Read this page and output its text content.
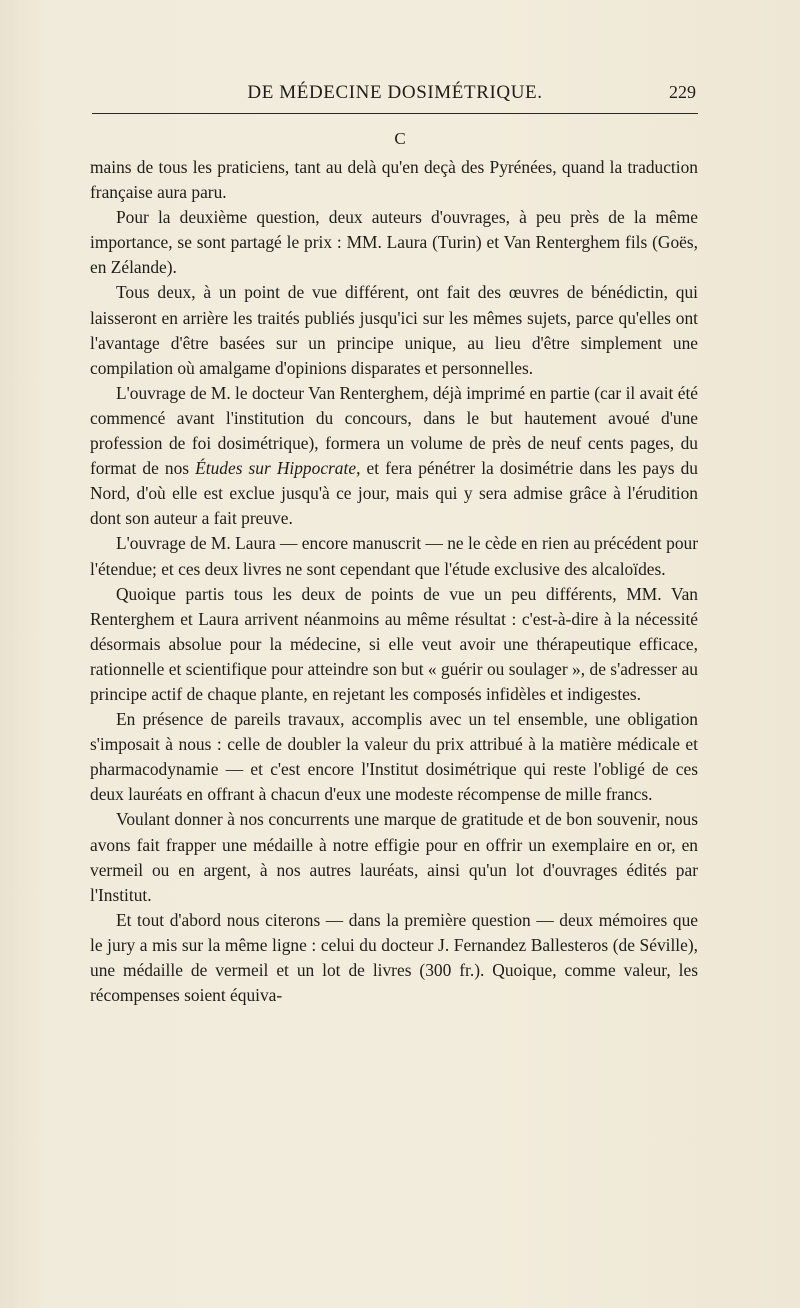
DE MÉDECINE DOSIMÉTRIQUE.	229
C

mains de tous les praticiens, tant au delà qu'en deçà des Pyrénées, quand la traduction française aura paru.

Pour la deuxième question, deux auteurs d'ouvrages, à peu près de la même importance, se sont partagé le prix : MM. Laura (Turin) et Van Renterghem fils (Goës, en Zélande).

Tous deux, à un point de vue différent, ont fait des œuvres de bénédictin, qui laisseront en arrière les traités publiés jusqu'ici sur les mêmes sujets, parce qu'elles ont l'avantage d'être basées sur un principe unique, au lieu d'être simplement une compilation où amalgame d'opinions disparates et personnelles.

L'ouvrage de M. le docteur Van Renterghem, déjà imprimé en partie (car il avait été commencé avant l'institution du concours, dans le but hautement avoué d'une profession de foi dosimétrique), formera un volume de près de neuf cents pages, du format de nos Études sur Hippocrate, et fera pénétrer la dosimétrie dans les pays du Nord, d'où elle est exclue jusqu'à ce jour, mais qui y sera admise grâce à l'érudition dont son auteur a fait preuve.

L'ouvrage de M. Laura — encore manuscrit — ne le cède en rien au précédent pour l'étendue; et ces deux livres ne sont cependant que l'étude exclusive des alcaloïdes.

Quoique partis tous les deux de points de vue un peu différents, MM. Van Renterghem et Laura arrivent néanmoins au même résultat : c'est-à-dire à la nécessité désormais absolue pour la médecine, si elle veut avoir une thérapeutique efficace, rationnelle et scientifique pour atteindre son but « guérir ou soulager », de s'adresser au principe actif de chaque plante, en rejetant les composés infidèles et indigestes.

En présence de pareils travaux, accomplis avec un tel ensemble, une obligation s'imposait à nous : celle de doubler la valeur du prix attribué à la matière médicale et pharmacodynamie — et c'est encore l'Institut dosimétrique qui reste l'obligé de ces deux lauréats en offrant à chacun d'eux une modeste récompense de mille francs.

Voulant donner à nos concurrents une marque de gratitude et de bon souvenir, nous avons fait frapper une médaille à notre effigie pour en offrir un exemplaire en or, en vermeil ou en argent, à nos autres lauréats, ainsi qu'un lot d'ouvrages édités par l'Institut.

Et tout d'abord nous citerons — dans la première question — deux mémoires que le jury a mis sur la même ligne : celui du docteur J. Fernandez Ballesteros (de Séville), une médaille de vermeil et un lot de livres (300 fr.). Quoique, comme valeur, les récompenses soient équiva-
